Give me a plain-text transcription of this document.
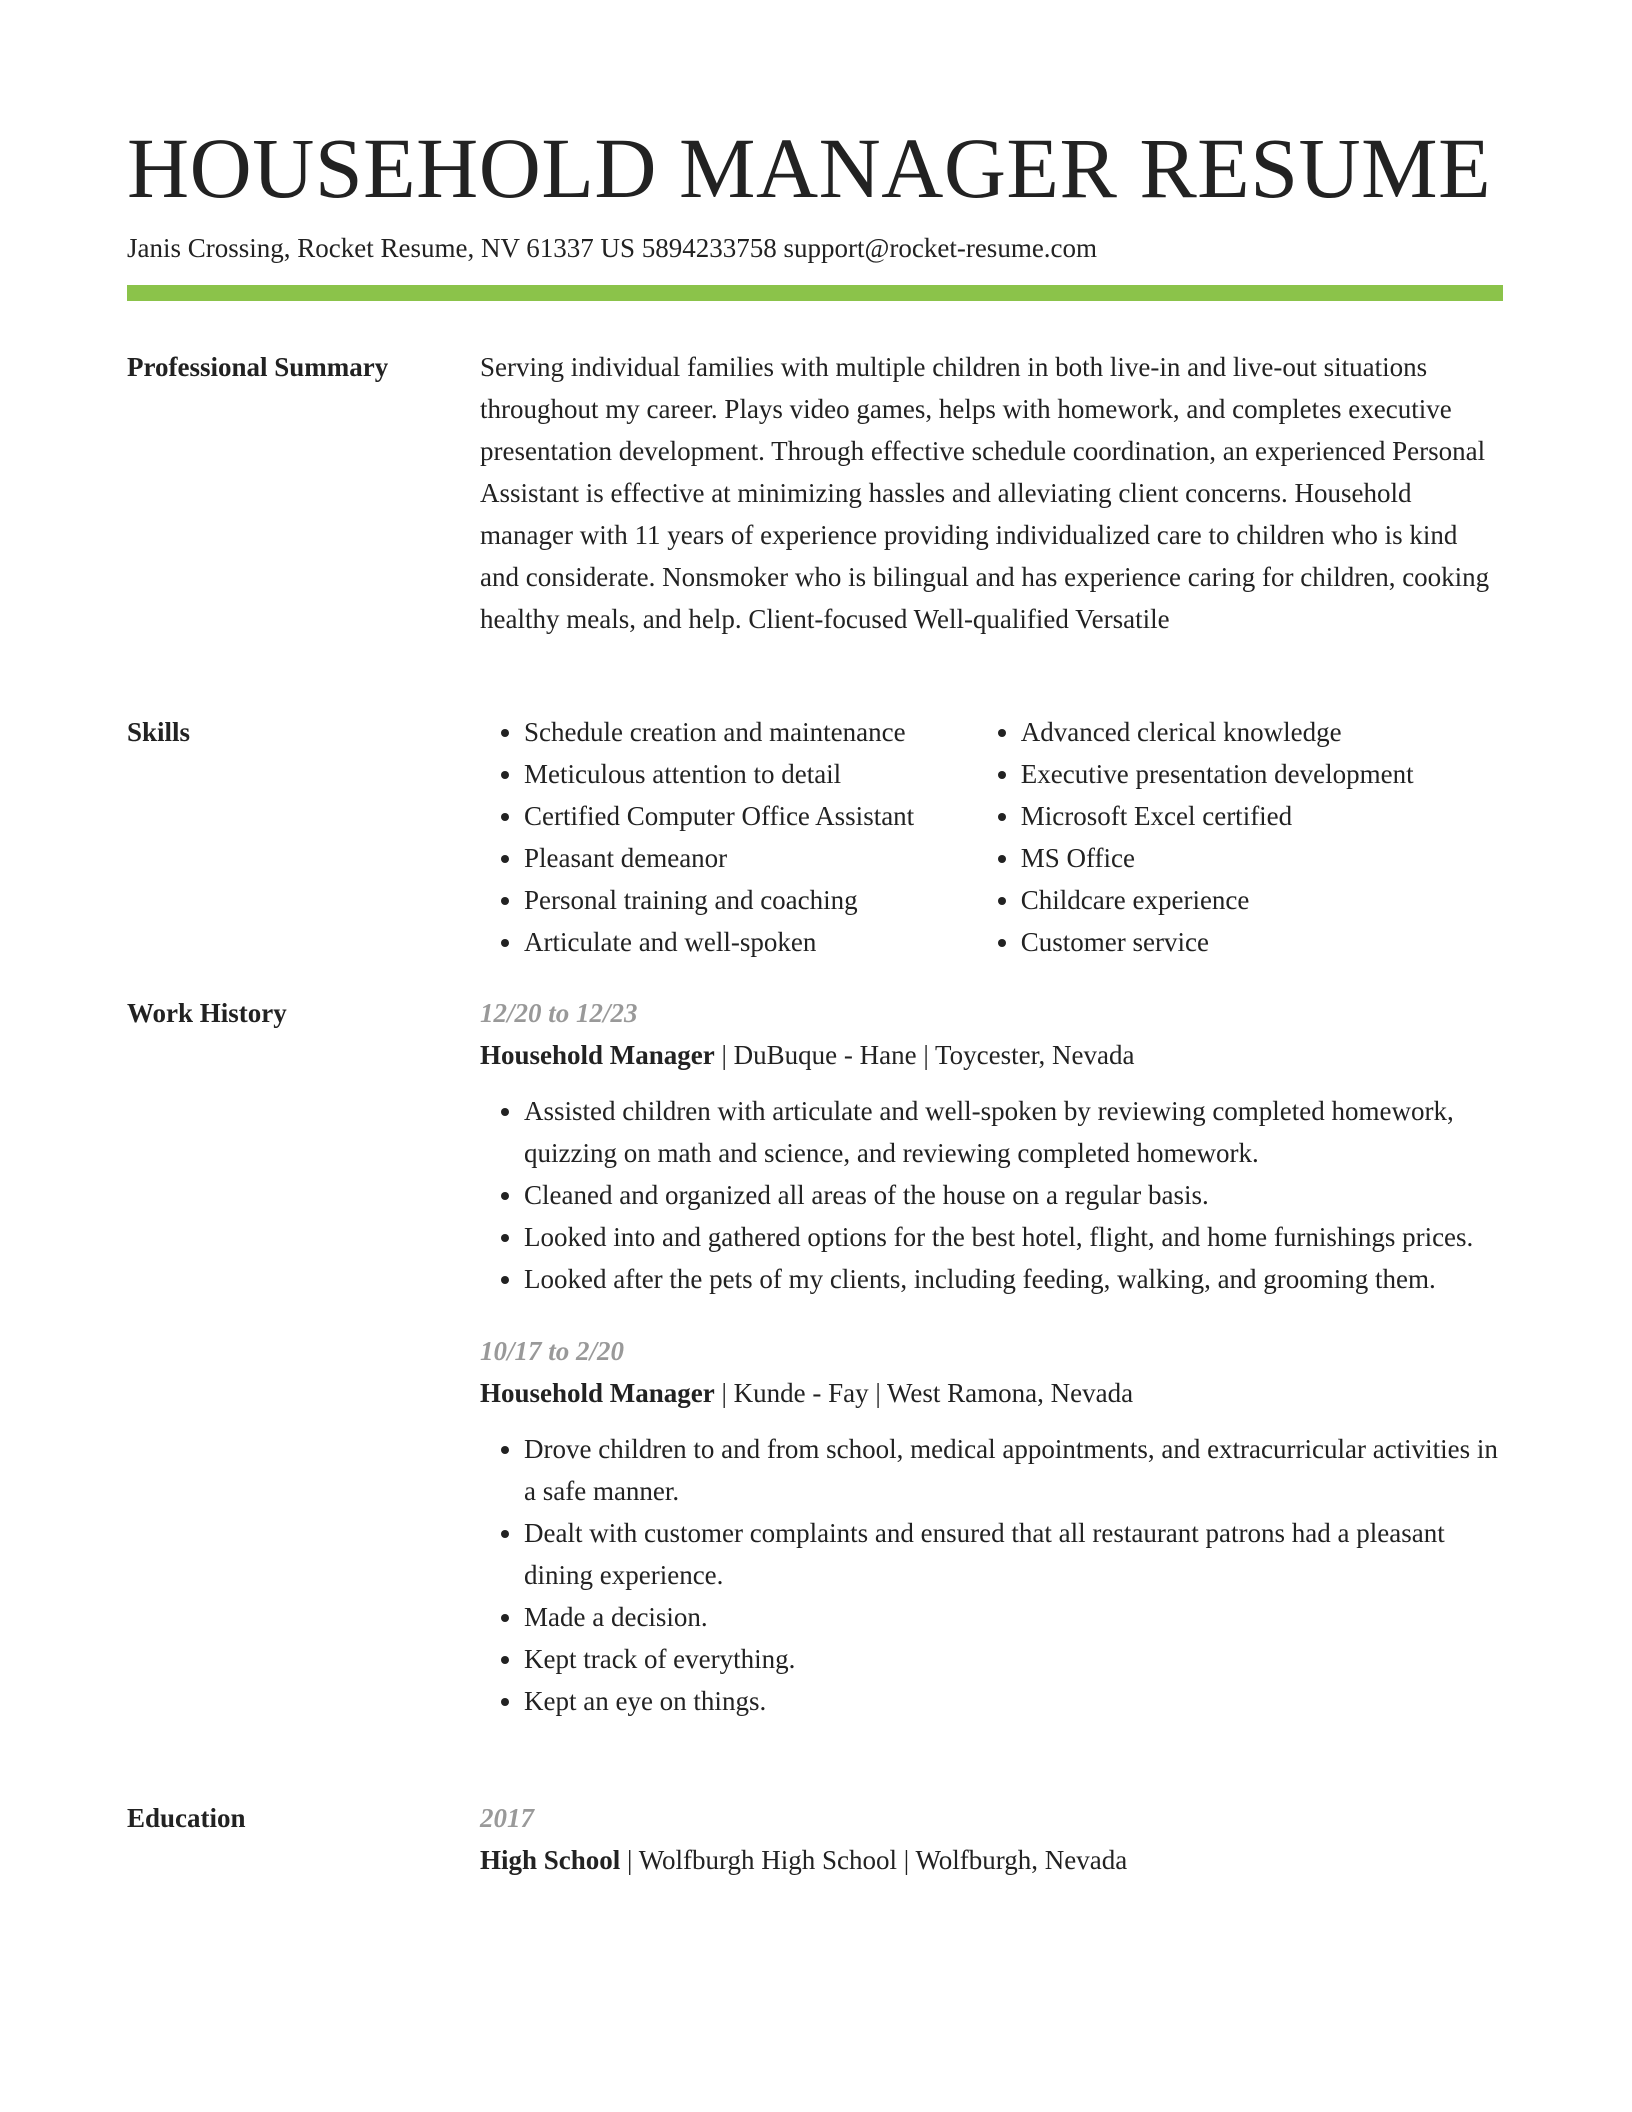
HOUSEHOLD MANAGER RESUME
Janis Crossing, Rocket Resume, NV 61337 US 5894233758 support@rocket-resume.com
Professional Summary	Serving individual families with multiple children in both live-in and live-out situations throughout my career. Plays video games, helps with homework, and completes executive presentation development. Through effective schedule coordination, an experienced Personal Assistant is effective at minimizing hassles and alleviating client concerns. Household manager with 11 years of experience providing individualized care to children who is kind and considerate. Nonsmoker who is bilingual and has experience caring for children, cooking healthy meals, and help. Client-focused Well-qualified Versatile

Skills
•	Schedule creation and maintenance
• Meticulous attention to detail
• Certified Computer Office Assistant
• Pleasant demeanor
• Personal training and coaching
• Articulate and well-spoken
• Advanced clerical knowledge
• Executive presentation development
• Microsoft Excel certified
• MS Office
• Childcare experience
• Customer service
Work History	12/20 to 12/23
Household Manager | DuBuque - Hane | Toycester, Nevada
• Assisted children with articulate and well-spoken by reviewing completed homework, quizzing on math and science, and reviewing completed homework.
• Cleaned and organized all areas of the house on a regular basis.
• Looked into and gathered options for the best hotel, flight, and home furnishings prices.
• Looked after the pets of my clients, including feeding, walking, and grooming them.
10/17 to 2/20
Household Manager | Kunde - Fay | West Ramona, Nevada
• Drove children to and from school, medical appointments, and extracurricular activities in a safe manner.
• Dealt with customer complaints and ensured that all restaurant patrons had a pleasant dining experience.
• Made a decision.
• Kept track of everything.
• Kept an eye on things.
Education	2017
High School | Wolfburgh High School | Wolfburgh, Nevada
